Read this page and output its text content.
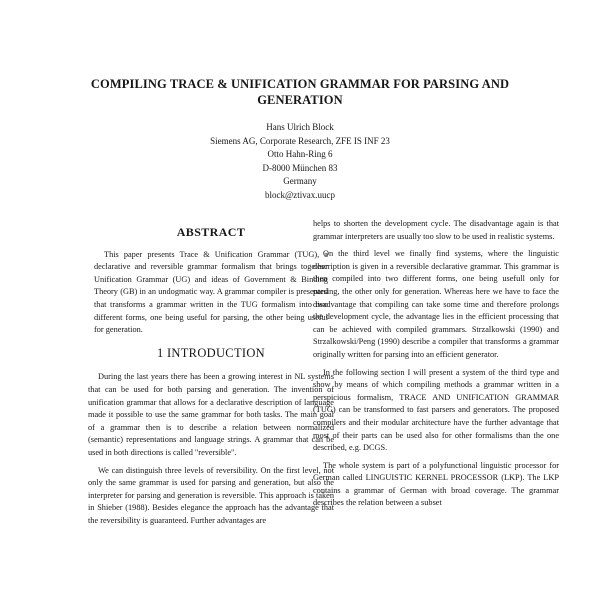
COMPILING TRACE & UNIFICATION GRAMMAR FOR PARSING AND GENERATION
Hans Ulrich Block
Siemens AG, Corporate Research, ZFE IS INF 23
Otto Hahn-Ring 6
D-8000 München 83
Germany
block@ztivax.uucp
ABSTRACT

This paper presents Trace & Unification Grammar (TUG), a declarative and reversible grammar formalism that brings together Unification Grammar (UG) and ideas of Government & Binding Theory (GB) in an undogmatic way. A grammar compiler is presented that transforms a grammar written in the TUG formalism into two different forms, one being useful for parsing, the other being useful for generation.

1 INTRODUCTION

During the last years there has been a growing interest in NL systems that can be used for both parsing and generation. The invention of unification grammar that allows for a declarative description of language made it possible to use the same grammar for both tasks. The main goal of a grammar then is to describe a relation between normalized (semantic) representations and language strings. A grammar that can be used in both directions is called "reversible".

We can distinguish three levels of reversibility. On the first level, not only the same grammar is used for parsing and generation, but also the interpreter for parsing and generation is reversible. This approach is taken in Shieber (1988). Besides elegance the approach has the advantage that the reversibility is guaranteed. Further advantages are

helps to shorten the development cycle. The disadvantage again is that grammar interpreters are usually too slow to be used in realistic systems.

On the third level we finally find systems, where the linguistic description is given in a reversible declarative grammar. This grammar is then compiled into two different forms, one being usefull only for parsing, the other only for generation. Whereas here we have to face the disadvantage that compiling can take some time and therefore prolongs the development cycle, the advantage lies in the efficient processing that can be achieved with compiled grammars. Strzalkowski (1990) and Strzalkowski/Peng (1990) describe a compiler that transforms a grammar originally written for parsing into an efficient generator.

In the following section I will present a system of the third type and show by means of which compiling methods a grammar written in a perspicious formalism, TRACE AND UNIFICATION GRAMMAR (TUG) can be transformed to fast parsers and generators. The proposed compilers and their modular architecture have the further advantage that most of their parts can be used also for other formalisms than the one described, e.g. DCGS.

The whole system is part of a polyfunctional linguistic processor for German called LINGUISTIC KERNEL PROCESSOR (LKP). The LKP contains a grammar of German with broad coverage. The grammar describes the relation between a subset
